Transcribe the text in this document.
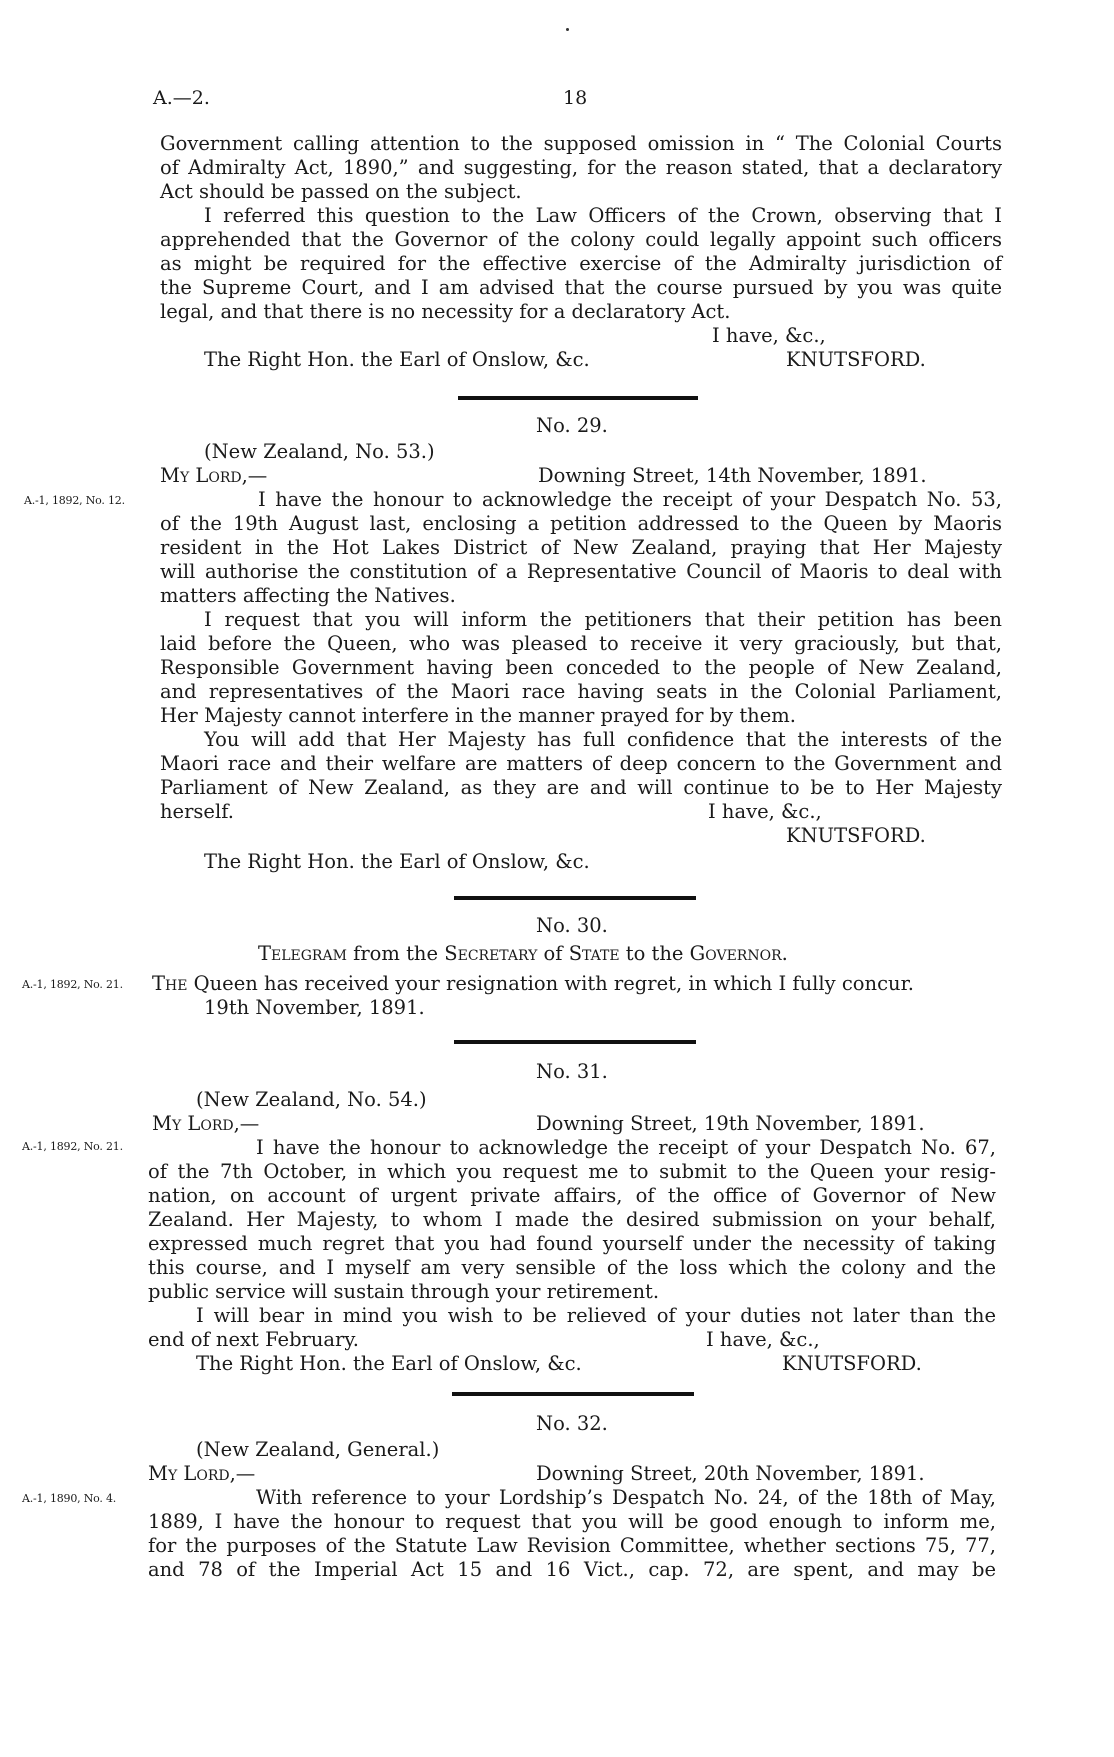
A.—2.	18
Government calling attention to the supposed omission in “ The Colonial Courts
of Admiralty Act, 1890,” and suggesting, for the reason stated, that a declaratory
Act should be passed on the subject.
I referred this question to the Law Officers of the Crown, observing that I
apprehended that the Governor of the colony could legally appoint such officers
as might be required for the effective exercise of the Admiralty jurisdiction of
the Supreme Court, and I am advised that the course pursued by you was quite
legal, and that there is no necessity for a declaratory Act.
I have, &c.,
The Right Hon. the Earl of Onslow, &c.	KNUTSFORD.
No. 29.
(New Zealand, No. 53.)
My Lord,—	Downing Street, 14th November, 1891.
A.-1, 1892, No. 12.	I have the honour to acknowledge the receipt of your Despatch No. 53,
of the 19th August last, enclosing a petition addressed to the Queen by Maoris
resident in the Hot Lakes District of New Zealand, praying that Her Majesty
will authorise the constitution of a Representative Council of Maoris to deal with
matters affecting the Natives.
I request that you will inform the petitioners that their petition has been
laid before the Queen, who was pleased to receive it very graciously, but that,
Responsible Government having been conceded to the people of New Zealand,
and representatives of the Maori race having seats in the Colonial Parliament,
Her Majesty cannot interfere in the manner prayed for by them.
You will add that Her Majesty has full confidence that the interests of the
Maori race and their welfare are matters of deep concern to the Government and
Parliament of New Zealand, as they are and will continue to be to Her Majesty
herself.	I have, &c.,
KNUTSFORD.
The Right Hon. the Earl of Onslow, &c.
No. 30.
Telegram from the Secretary of State to the Governor.
A.-1, 1892, No. 21. The Queen has received your resignation with regret, in which I fully concur.
19th November, 1891.
No. 31.
(New Zealand, No. 54.)
My Lord,—	Downing Street, 19th November, 1891.
A.-1, 1892, No. 21.	I have the honour to acknowledge the receipt of your Despatch No. 67,
of the 7th October, in which you request me to submit to the Queen your resig-
nation, on account of urgent private affairs, of the office of Governor of New
Zealand. Her Majesty, to whom I made the desired submission on your behalf,
expressed much regret that you had found yourself under the necessity of taking
this course, and I myself am very sensible of the loss which the colony and the
public service will sustain through your retirement.
I will bear in mind you wish to be relieved of your duties not later than the
end of next February.	I have, &c.,
The Right Hon. the Earl of Onslow, &c.	KNUTSFORD.
No. 32.
(New Zealand, General.)
My Lord,—	Downing Street, 20th November, 1891.
A.-1, 1890, No. 4.	With reference to your Lordship’s Despatch No. 24, of the 18th of May,
1889, I have the honour to request that you will be good enough to inform me,
for the purposes of the Statute Law Revision Committee, whether sections 75, 77,
and 78 of the Imperial Act 15 and 16 Vict., cap. 72, are spent, and may be
